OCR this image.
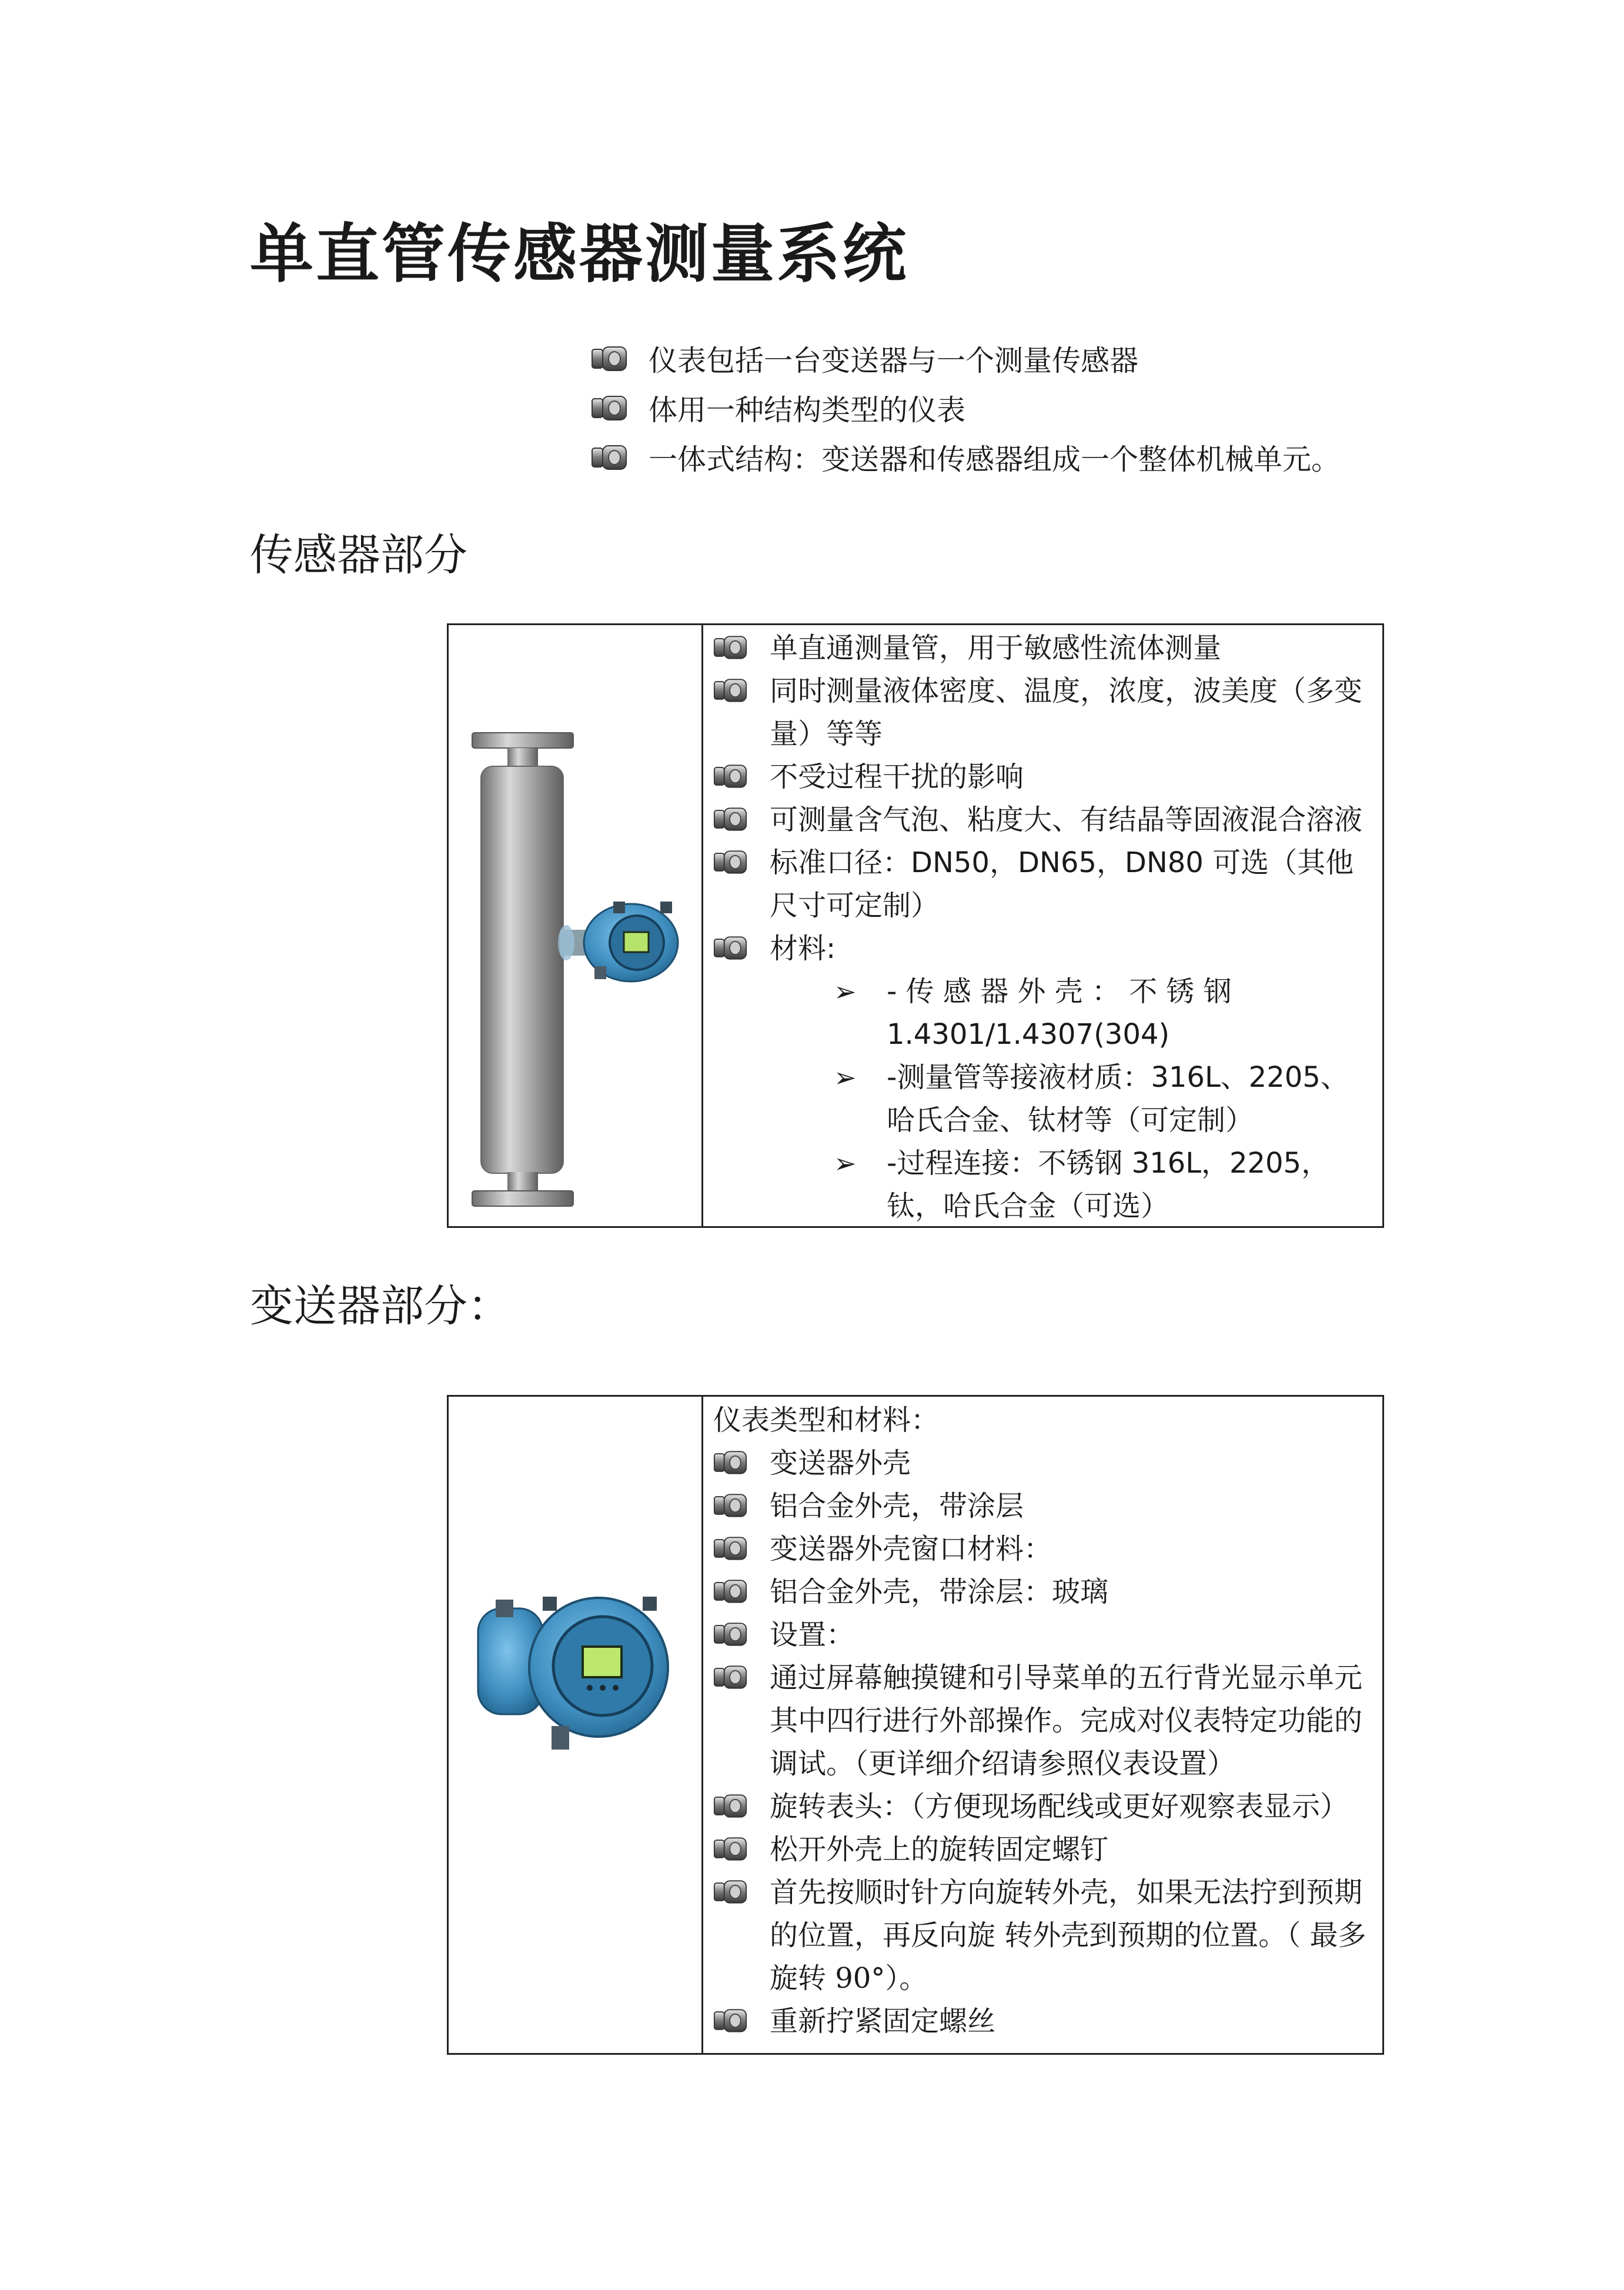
单直管传感器测量系统
仪表包括一台变送器与一个测量传感器
体用一种结构类型的仪表
一体式结构：变送器和传感器组成一个整体机械单元。
传感器部分
单直通测量管，用于敏感性流体测量
同时测量液体密度、温度，浓度，波美度（多变量）等等
不受过程干扰的影响
可测量含气泡、粘度大、有结晶等固液混合溶液
标准口径：DN50，DN65，DN80 可选（其他尺寸可定制）
材料:
➢	- 传 感 器 外 壳 ： 不 锈 钢 1.4301/1.4307(304)
➢	-测量管等接液材质：316L、2205、哈氏合金、钛材等（可定制）
➢	-过程连接：不锈钢 316L，2205，钛，哈氏合金（可选）
变送器部分：
仪表类型和材料：
变送器外壳
铝合金外壳，带涂层
变送器外壳窗口材料：
铝合金外壳，带涂层：玻璃
设置：
通过屏幕触摸键和引导菜单的五行背光显示单元其中四行进行外部操作。完成对仪表特定功能的调试。（更详细介绍请参照仪表设置）
旋转表头：（方便现场配线或更好观察表显示）
松开外壳上的旋转固定螺钉
首先按顺时针方向旋转外壳，如果无法拧到预期的位置，再反向旋 转外壳到预期的位置。（ 最多旋转 90°）。
重新拧紧固定螺丝
